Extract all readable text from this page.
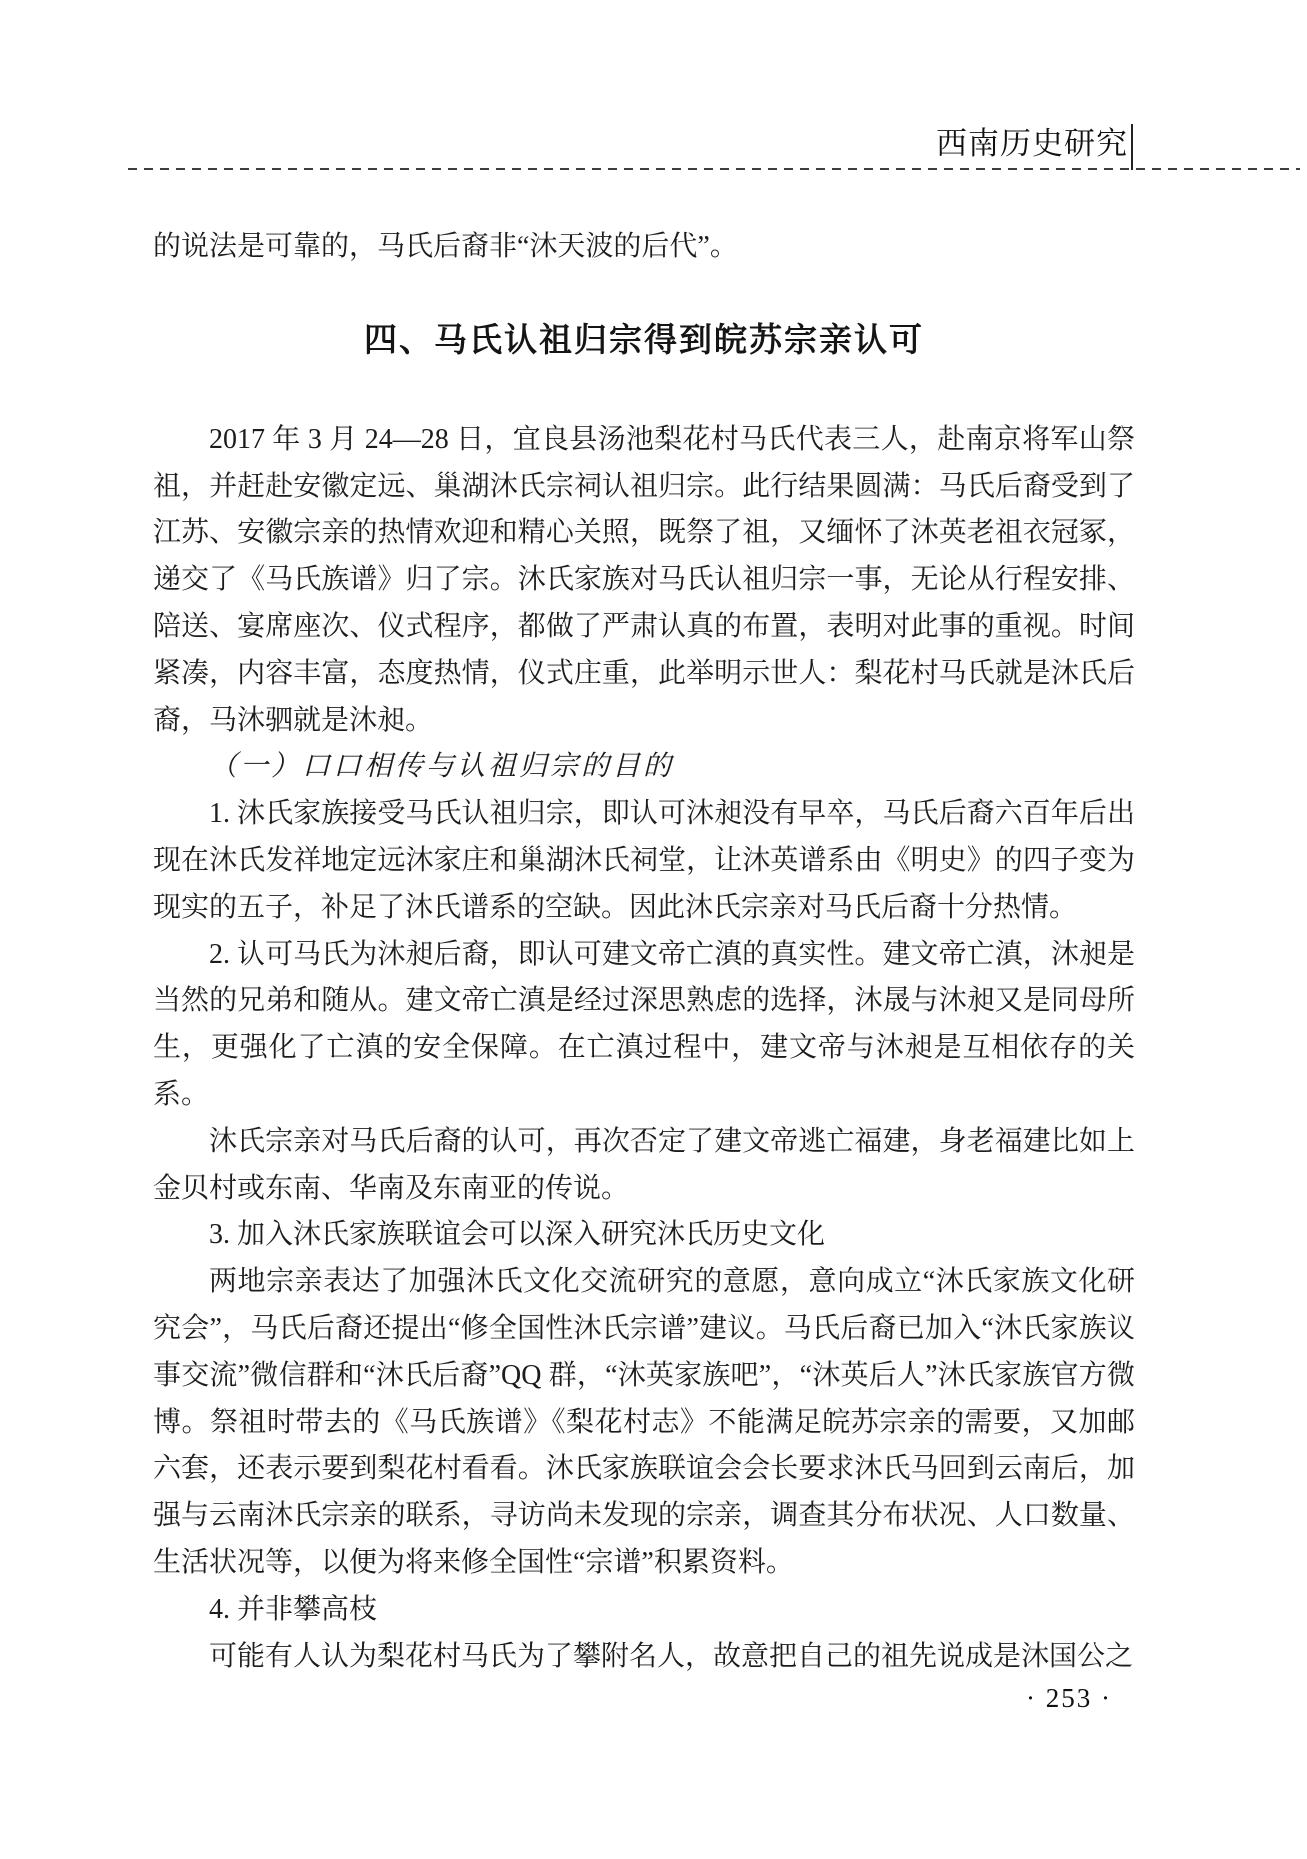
西南历史研究

的说法是可靠的，马氏后裔非“沐天波的后代”。

四、马氏认祖归宗得到皖苏宗亲认可

2017 年 3 月 24—28 日，宜良县汤池梨花村马氏代表三人，赴南京将军山祭祖，并赶赴安徽定远、巢湖沐氏宗祠认祖归宗。此行结果圆满：马氏后裔受到了江苏、安徽宗亲的热情欢迎和精心关照，既祭了祖，又缅怀了沐英老祖衣冠冢，递交了《马氏族谱》归了宗。沐氏家族对马氏认祖归宗一事，无论从行程安排、陪送、宴席座次、仪式程序，都做了严肃认真的布置，表明对此事的重视。时间紧凑，内容丰富，态度热情，仪式庄重，此举明示世人：梨花村马氏就是沐氏后裔，马沐驷就是沐昶。

（一）口口相传与认祖归宗的目的

1. 沐氏家族接受马氏认祖归宗，即认可沐昶没有早卒，马氏后裔六百年后出现在沐氏发祥地定远沐家庄和巢湖沐氏祠堂，让沐英谱系由《明史》的四子变为现实的五子，补足了沐氏谱系的空缺。因此沐氏宗亲对马氏后裔十分热情。

2. 认可马氏为沐昶后裔，即认可建文帝亡滇的真实性。建文帝亡滇，沐昶是当然的兄弟和随从。建文帝亡滇是经过深思熟虑的选择，沐晟与沐昶又是同母所生，更强化了亡滇的安全保障。在亡滇过程中，建文帝与沐昶是互相依存的关系。

沐氏宗亲对马氏后裔的认可，再次否定了建文帝逃亡福建，身老福建比如上金贝村或东南、华南及东南亚的传说。

3. 加入沐氏家族联谊会可以深入研究沐氏历史文化

两地宗亲表达了加强沐氏文化交流研究的意愿，意向成立“沐氏家族文化研究会”，马氏后裔还提出“修全国性沐氏宗谱”建议。马氏后裔已加入“沐氏家族议事交流”微信群和“沐氏后裔”QQ 群，“沐英家族吧”，“沐英后人”沐氏家族官方微博。祭祖时带去的《马氏族谱》《梨花村志》不能满足皖苏宗亲的需要，又加邮六套，还表示要到梨花村看看。沐氏家族联谊会会长要求沐氏马回到云南后，加强与云南沐氏宗亲的联系，寻访尚未发现的宗亲，调查其分布状况、人口数量、生活状况等，以便为将来修全国性“宗谱”积累资料。

4. 并非攀高枝

可能有人认为梨花村马氏为了攀附名人，故意把自己的祖先说成是沐国公之

· 253 ·
